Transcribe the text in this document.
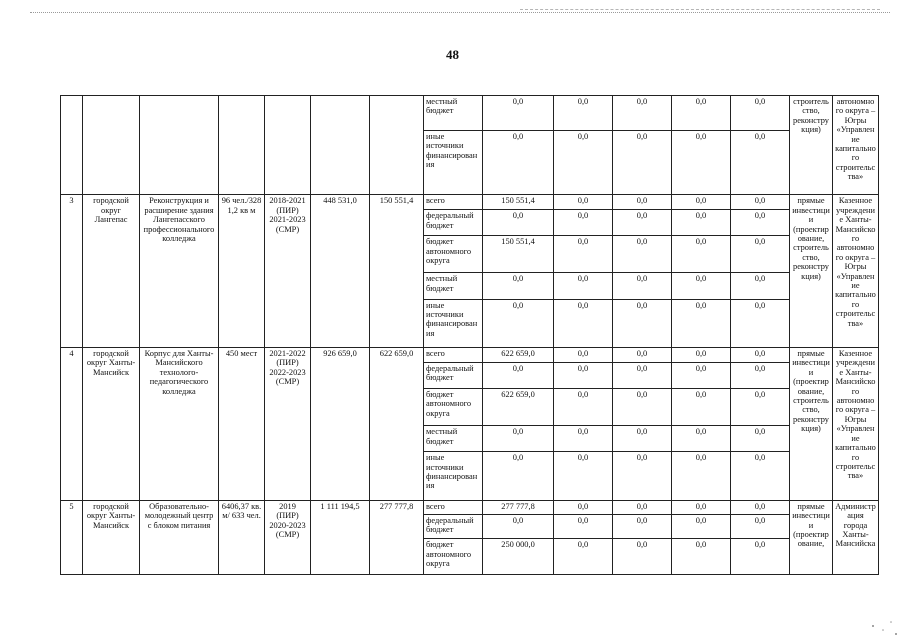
48
							местный бюджет	0,0	0,0	0,0	0,0	0,0	строительство, реконструкция)	автономного округа – Югры «Управление капитального строительства»
							иные источники финансирования	0,0	0,0	0,0	0,0	0,0		
3	городской округ Лангепас	Реконструкция и расширение здания Лангепасского профессионального колледжа	96 чел./328 1,2 кв м	2018-2021 (ПИР) 2021-2023 (СМР)	448 531,0	150 551,4	всего	150 551,4	0,0	0,0	0,0	0,0	прямые инвестиции (проектирование, строительство, реконструкция)	Казенное учреждение Ханты-Мансийского автономного округа – Югры «Управление капитального строительства»
							федеральный бюджет	0,0	0,0	0,0	0,0	0,0		
							бюджет автономного округа	150 551,4	0,0	0,0	0,0	0,0		
							местный бюджет	0,0	0,0	0,0	0,0	0,0		
							иные источники финансирования	0,0	0,0	0,0	0,0	0,0		
4	городской округ Ханты-Мансийск	Корпус для Ханты-Мансийского технолого-педагогического колледжа	450 мест	2021-2022 (ПИР) 2022-2023 (СМР)	926 659,0	622 659,0	всего	622 659,0	0,0	0,0	0,0	0,0	прямые инвестиции (проектирование, строительство, реконструкция)	Казенное учреждение Ханты-Мансийского автономного округа – Югры «Управление капитального строительства»
							федеральный бюджет	0,0	0,0	0,0	0,0	0,0		
							бюджет автономного округа	622 659,0	0,0	0,0	0,0	0,0		
							местный бюджет	0,0	0,0	0,0	0,0	0,0		
							иные источники финансирования	0,0	0,0	0,0	0,0	0,0		
5	городской округ Ханты-Мансийск	Образовательно-молодежный центр с блоком питания	6406,37 кв. м/ 633 чел.	2019 (ПИР) 2020-2023 (СМР)	1 111 194,5	277 777,8	всего	277 777,8	0,0	0,0	0,0	0,0	прямые инвестиции (проектирование,	Администрация города Ханты-Мансийска
							федеральный бюджет	0,0	0,0	0,0	0,0	0,0		
							бюджет автономного округа	250 000,0	0,0	0,0	0,0	0,0		
